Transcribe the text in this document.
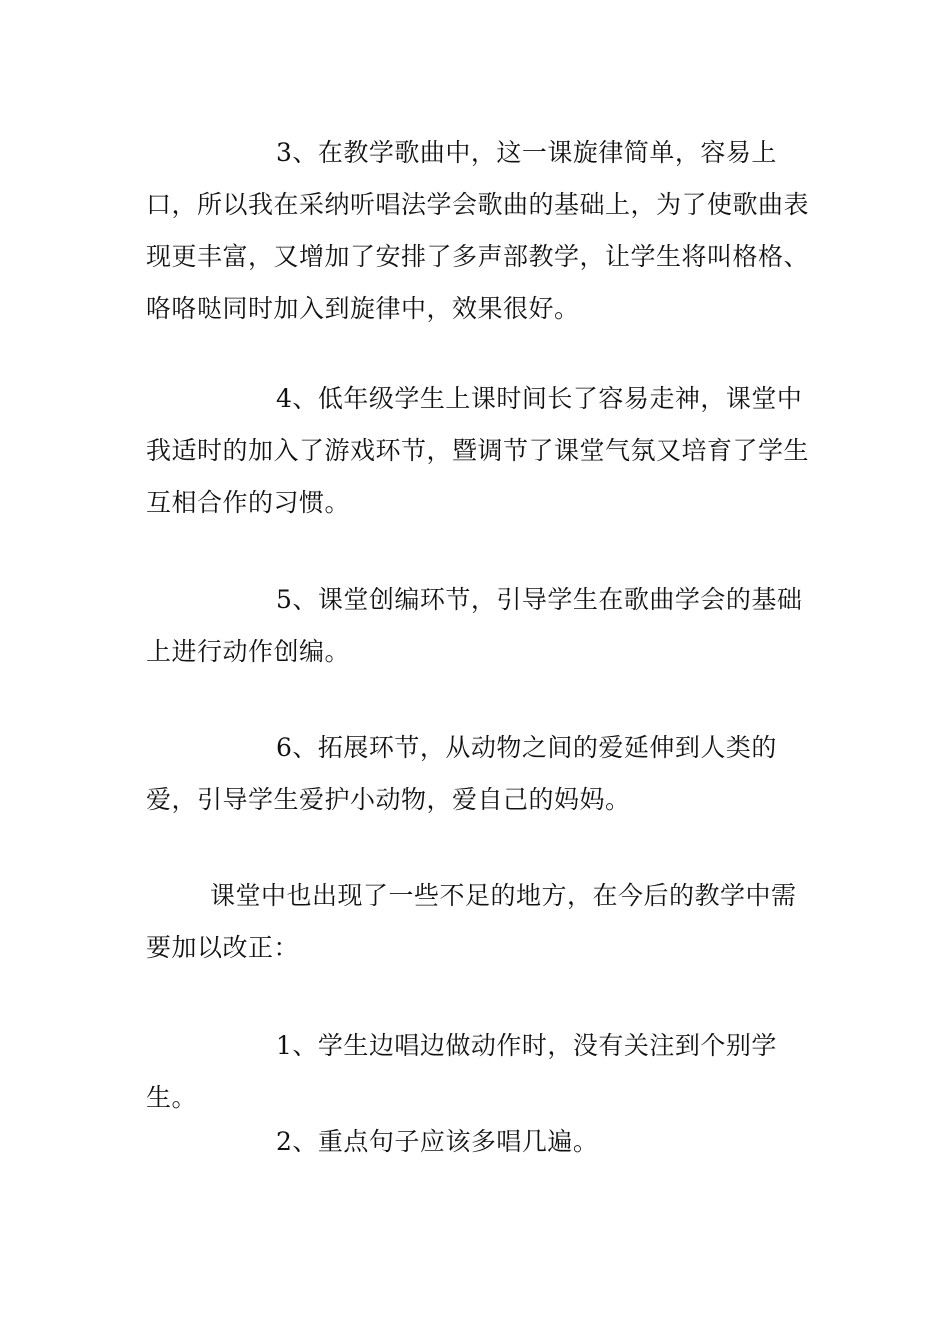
3、在教学歌曲中，这一课旋律简单，容易上口，所以我在采纳听唱法学会歌曲的基础上，为了使歌曲表现更丰富，又增加了安排了多声部教学，让学生将叫格格、咯咯哒同时加入到旋律中，效果很好。

4、低年级学生上课时间长了容易走神，课堂中我适时的加入了游戏环节，暨调节了课堂气氛又培育了学生互相合作的习惯。

5、课堂创编环节，引导学生在歌曲学会的基础上进行动作创编。

6、拓展环节，从动物之间的爱延伸到人类的爱，引导学生爱护小动物，爱自己的妈妈。

课堂中也出现了一些不足的地方，在今后的教学中需要加以改正：

1、学生边唱边做动作时，没有关注到个别学生。

2、重点句子应该多唱几遍。
